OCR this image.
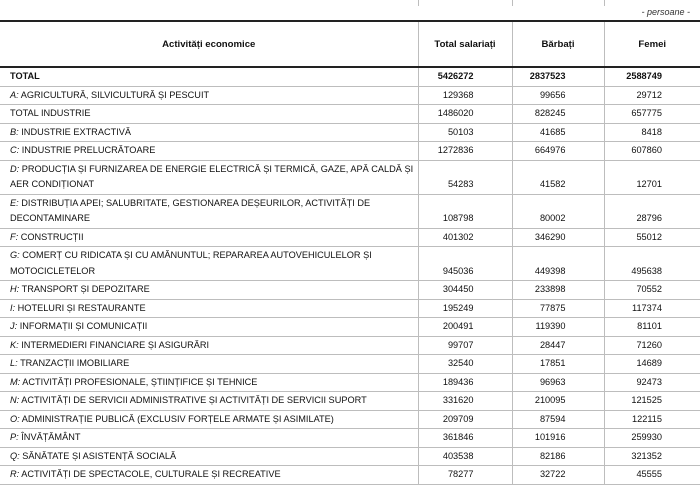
- persoane -
Activități economice	Total salariați	Bărbați	Femei
TOTAL	5426272	2837523	2588749
A: AGRICULTURĂ, SILVICULTURĂ ȘI PESCUIT	129368	99656	29712
TOTAL INDUSTRIE	1486020	828245	657775
B: INDUSTRIE EXTRACTIVĂ	50103	41685	8418
C: INDUSTRIE PRELUCRĂTOARE	1272836	664976	607860
D: PRODUCȚIA ȘI FURNIZAREA DE ENERGIE ELECTRICĂ ȘI TERMICĂ, GAZE, APĂ CALDĂ ȘI AER CONDIȚIONAT	54283	41582	12701
E: DISTRIBUȚIA APEI; SALUBRITATE, GESTIONAREA DEȘEURILOR, ACTIVITĂȚI DE DECONTAMINARE	108798	80002	28796
F: CONSTRUCȚII	401302	346290	55012
G: COMERȚ CU RIDICATA ȘI CU AMĂNUNTUL; REPARAREA AUTOVEHICULELOR ȘI MOTOCICLETELOR	945036	449398	495638
H: TRANSPORT ȘI DEPOZITARE	304450	233898	70552
I: HOTELURI ȘI RESTAURANTE	195249	77875	117374
J: INFORMAȚII ȘI COMUNICAȚII	200491	119390	81101
K: INTERMEDIERI FINANCIARE ȘI ASIGURĂRI	99707	28447	71260
L: TRANZACȚII IMOBILIARE	32540	17851	14689
M: ACTIVITĂȚI PROFESIONALE, ȘTIINȚIFICE ȘI TEHNICE	189436	96963	92473
N: ACTIVITĂȚI DE SERVICII ADMINISTRATIVE ȘI ACTIVITĂȚI DE SERVICII SUPORT	331620	210095	121525
O: ADMINISTRAȚIE PUBLICĂ (EXCLUSIV FORȚELE ARMATE ȘI ASIMILATE)	209709	87594	122115
P: ÎNVĂȚĂMÂNT	361846	101916	259930
Q: SĂNĂTATE ȘI ASISTENȚĂ SOCIALĂ	403538	82186	321352
R: ACTIVITĂȚI DE SPECTACOLE, CULTURALE ȘI RECREATIVE	78277	32722	45555
